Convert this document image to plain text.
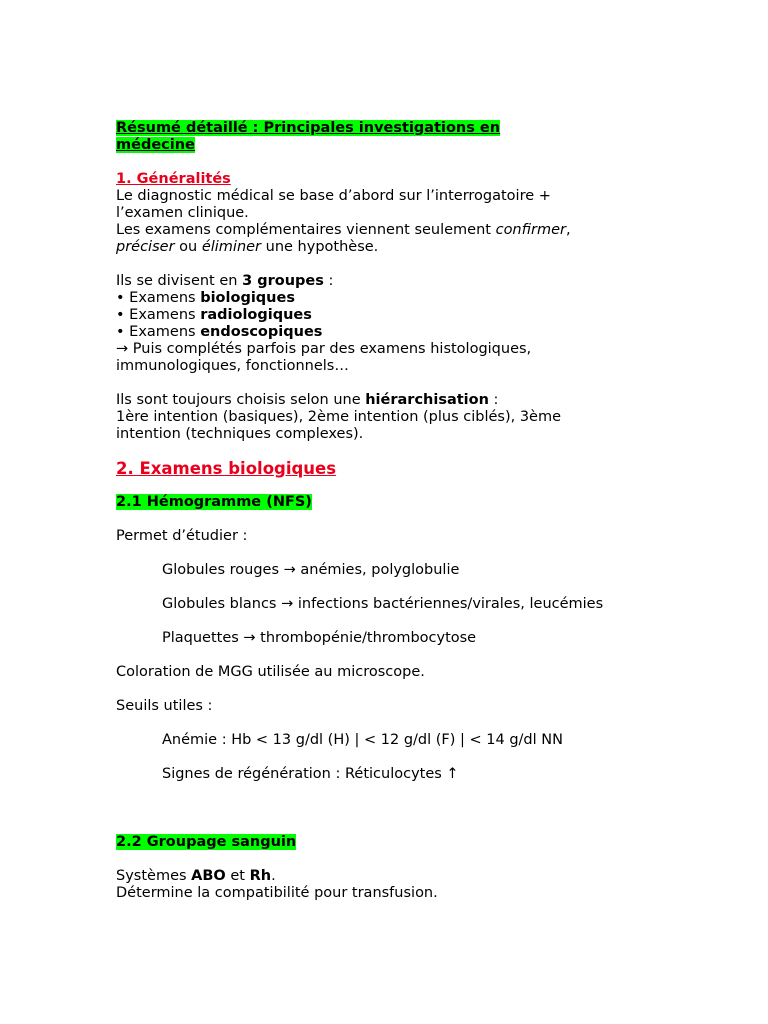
Résumé détaillé : Principales investigations en
médecine

1. Généralités

Le diagnostic médical se base d’abord sur l’interrogatoire +
l’examen clinique.

Les examens complémentaires viennent seulement confirmer,
préciser ou éliminer une hypothèse.

Ils se divisent en 3 groupes :

• Examens biologiques

• Examens radiologiques

• Examens endoscopiques

→ Puis complétés parfois par des examens histologiques,
immunologiques, fonctionnels…

Ils sont toujours choisis selon une hiérarchisation :
1ère intention (basiques), 2ème intention (plus ciblés), 3ème
intention (techniques complexes).

2. Examens biologiques

2.1 Hémogramme (NFS)

Permet d’étudier :

Globules rouges → anémies, polyglobulie

Globules blancs → infections bactériennes/virales, leucémies

Plaquettes → thrombopénie/thrombocytose

Coloration de MGG utilisée au microscope.

Seuils utiles :

Anémie : Hb < 13 g/dl (H) | < 12 g/dl (F) | < 14 g/dl NN

Signes de régénération : Réticulocytes ↑

2.2 Groupage sanguin

Systèmes ABO et Rh.

Détermine la compatibilité pour transfusion.
